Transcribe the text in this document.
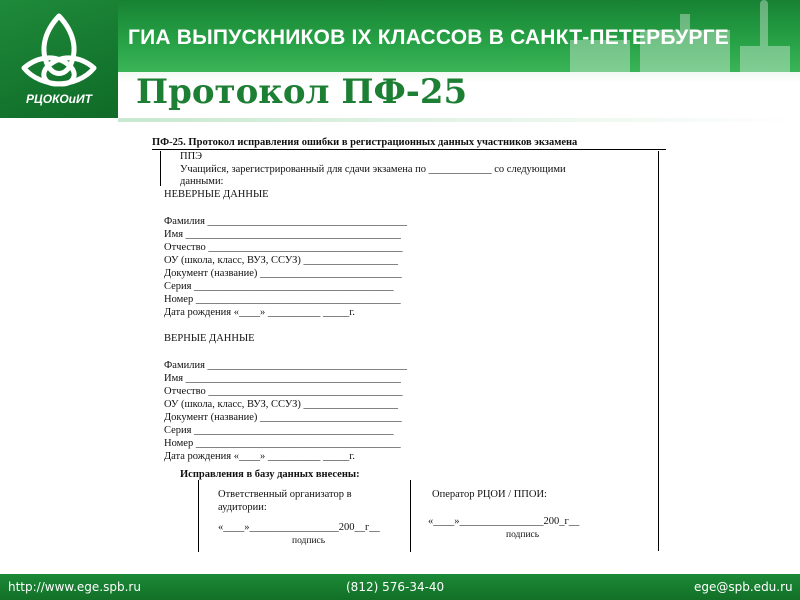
РЦОКОиИТ
ГИА ВЫПУСКНИКОВ IX КЛАССОВ В САНКТ-ПЕТЕРБУРГЕ
Протокол ПФ-25
ПФ-25. Протокол исправления ошибки в регистрационных данных участников экзамена
ППЭ
Учащийся, зарегистрированный для сдачи экзамена по ____________ со следующими
данными:
НЕВЕРНЫЕ ДАННЫЕ
Фамилия ______________________________________
Имя _________________________________________
Отчество _____________________________________
ОУ (школа, класс, ВУЗ, ССУЗ) __________________
Документ (название) ___________________________
Серия ______________________________________
Номер _______________________________________
Дата рождения «____» __________ _____г.
ВЕРНЫЕ ДАННЫЕ
Фамилия ______________________________________
Имя _________________________________________
Отчество _____________________________________
ОУ (школа, класс, ВУЗ, ССУЗ) __________________
Документ (название) ___________________________
Серия ______________________________________
Номер _______________________________________
Дата рождения «____» __________ _____г.
Исправления в базу данных внесены:
Ответственный организатор в
аудитории:
«____»_________________200__г__
подпись
Оператор РЦОИ / ППОИ:
«____»________________200_г__
подпись
http://www.ege.spb.ru	(812) 576-34-40	ege@spb.edu.ru
